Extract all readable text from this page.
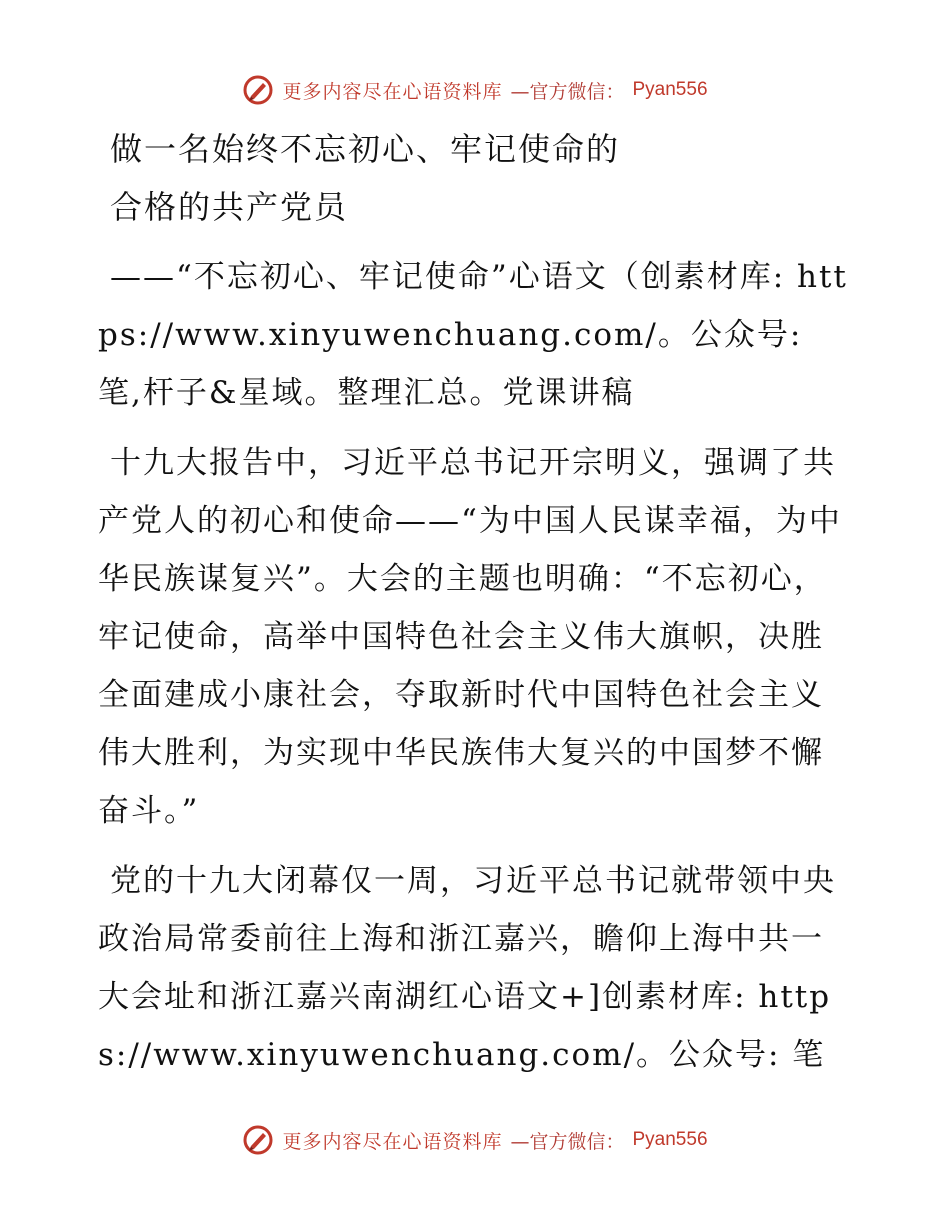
更多内容尽在心语资料库 —官方微信： Pyan556

做一名始终不忘初心、牢记使命的

合格的共产党员

——“不忘初心、牢记使命”心语文（创素材库: https://www.xinyuwenchuang.com/。公众号: 笔,杆子&星域。整理汇总。党课讲稿

十九大报告中，习近平总书记开宗明义，强调了共产党人的初心和使命——“为中国人民谋幸福，为中华民族谋复兴”。大会的主题也明确：“不忘初心，牢记使命，高举中国特色社会主义伟大旗帜，决胜全面建成小康社会，夺取新时代中国特色社会主义伟大胜利，为实现中华民族伟大复兴的中国梦不懈奋斗。”

党的十九大闭幕仅一周，习近平总书记就带领中央政治局常委前往上海和浙江嘉兴，瞻仰上海中共一大会址和浙江嘉兴南湖红心语文+]创素材库: https://www.xinyuwenchuang.com/。公众号: 笔

更多内容尽在心语资料库 —官方微信： Pyan556
